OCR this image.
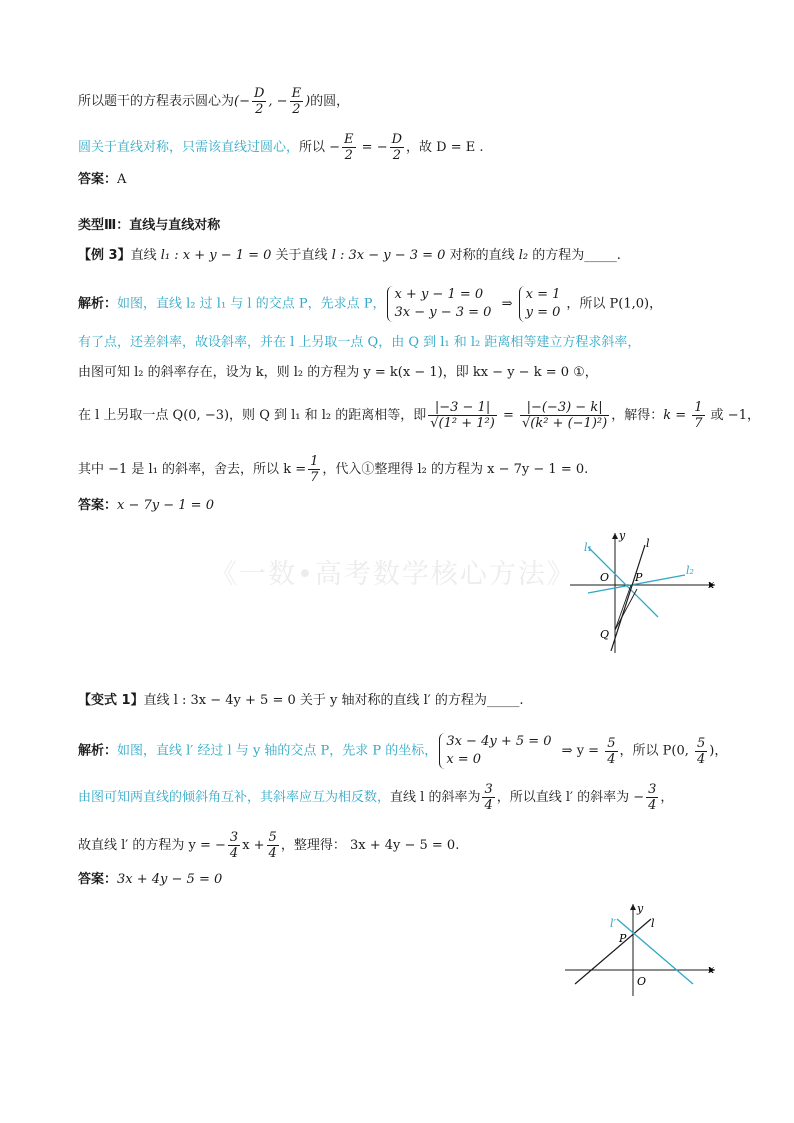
所以题干的方程表示圆心为(− $\frac{D}{2}$ , − $\frac{E}{2}$ )的圆，
圆关于直线对称，只需该直线过圆心，所以 − $\frac{E}{2}$ = − $\frac{D}{2}$ ，故 D = E .
答案：A
类型Ⅲ：直线与直线对称
【例 3】直线 l₁ : x + y − 1 = 0 关于直线 l : 3x − y − 3 = 0 对称的直线 l₂ 的方程为_____.
解析：如图，直线 l₂ 过 l₁ 与 l 的交点 P，先求点 P，
x + y − 1 = 0
3x − y − 3 = 0
⇒
x = 1
y = 0
，所以 P(1,0)，
有了点，还差斜率，故设斜率，并在 l 上另取一点 Q，由 Q 到 l₁ 和 l₂ 距离相等建立方程求斜率，
由图可知 l₂ 的斜率存在，设为 k，则 l₂ 的方程为 y = k(x − 1)，即 kx − y − k = 0 ①，
在 l 上另取一点 Q(0, −3)，则 Q 到 l₁ 和 l₂ 的距离相等，即 $\frac{|-3 - 1|}{\text{√(1² + 1²)}} = \frac{|-(-3) - k|}{\text{√(k² + (−1)²)}}$ ，解得：$k = \frac{1}{7}$ 或 −1，
其中 −1 是 l₁ 的斜率，舍去，所以 $k = \frac{1}{7}$ ，代入①整理得 l₂ 的方程为 x − 7y − 1 = 0.
答案：x − 7y − 1 = 0
《一数•高考数学核心方法》
l₁
y
l
O P
l₂
x
Q
【变式 1】直线 l : 3x − 4y + 5 = 0 关于 y 轴对称的直线 l′ 的方程为_____.
解析：如图，直线 l′ 经过 l 与 y 轴的交点 P，先求 P 的坐标，
3x − 4y + 5 = 0
x = 0
⇒ $y = \frac{5}{4}$ ，所以 P(0, $\frac{5}{4}$ )，
由图可知两直线的倾斜角互补，其斜率应互为相反数，直线 l 的斜率为 $\frac{3}{4}$ ，所以直线 l′ 的斜率为 − $\frac{3}{4}$ ，
故直线 l′ 的方程为 y = − $\frac{3}{4}$ $x + \frac{5}{4}$ ，整理得： 3x + 4y − 5 = 0.
答案：3x + 4y − 5 = 0
y
l′	l
P
O
x
